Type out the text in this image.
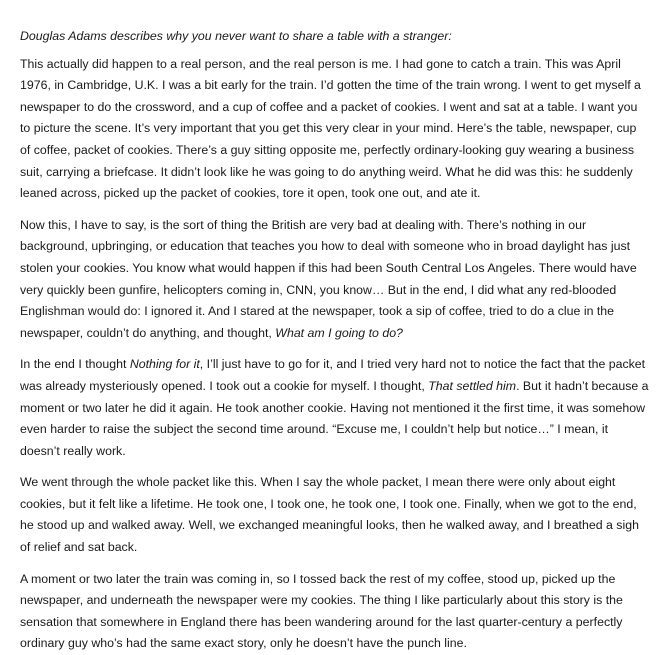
Douglas Adams describes why you never want to share a table with a stranger:

This actually did happen to a real person, and the real person is me. I had gone to catch a train. This was April 1976, in Cambridge, U.K. I was a bit early for the train. I’d gotten the time of the train wrong. I went to get myself a newspaper to do the crossword, and a cup of coffee and a packet of cookies. I went and sat at a table. I want you to picture the scene. It’s very important that you get this very clear in your mind. Here’s the table, newspaper, cup of coffee, packet of cookies. There’s a guy sitting opposite me, perfectly ordinary-looking guy wearing a business suit, carrying a briefcase. It didn’t look like he was going to do anything weird. What he did was this: he suddenly leaned across, picked up the packet of cookies, tore it open, took one out, and ate it.

Now this, I have to say, is the sort of thing the British are very bad at dealing with. There’s nothing in our background, upbringing, or education that teaches you how to deal with someone who in broad daylight has just stolen your cookies. You know what would happen if this had been South Central Los Angeles. There would have very quickly been gunfire, helicopters coming in, CNN, you know… But in the end, I did what any red-blooded Englishman would do: I ignored it. And I stared at the newspaper, took a sip of coffee, tried to do a clue in the newspaper, couldn’t do anything, and thought, What am I going to do?

In the end I thought Nothing for it, I’ll just have to go for it, and I tried very hard not to notice the fact that the packet was already mysteriously opened. I took out a cookie for myself. I thought, That settled him. But it hadn’t because a moment or two later he did it again. He took another cookie. Having not mentioned it the first time, it was somehow even harder to raise the subject the second time around. “Excuse me, I couldn’t help but notice…” I mean, it doesn’t really work.

We went through the whole packet like this. When I say the whole packet, I mean there were only about eight cookies, but it felt like a lifetime. He took one, I took one, he took one, I took one. Finally, when we got to the end, he stood up and walked away. Well, we exchanged meaningful looks, then he walked away, and I breathed a sigh of relief and sat back.

A moment or two later the train was coming in, so I tossed back the rest of my coffee, stood up, picked up the newspaper, and underneath the newspaper were my cookies. The thing I like particularly about this story is the sensation that somewhere in England there has been wandering around for the last quarter-century a perfectly ordinary guy who’s had the same exact story, only he doesn’t have the punch line.
